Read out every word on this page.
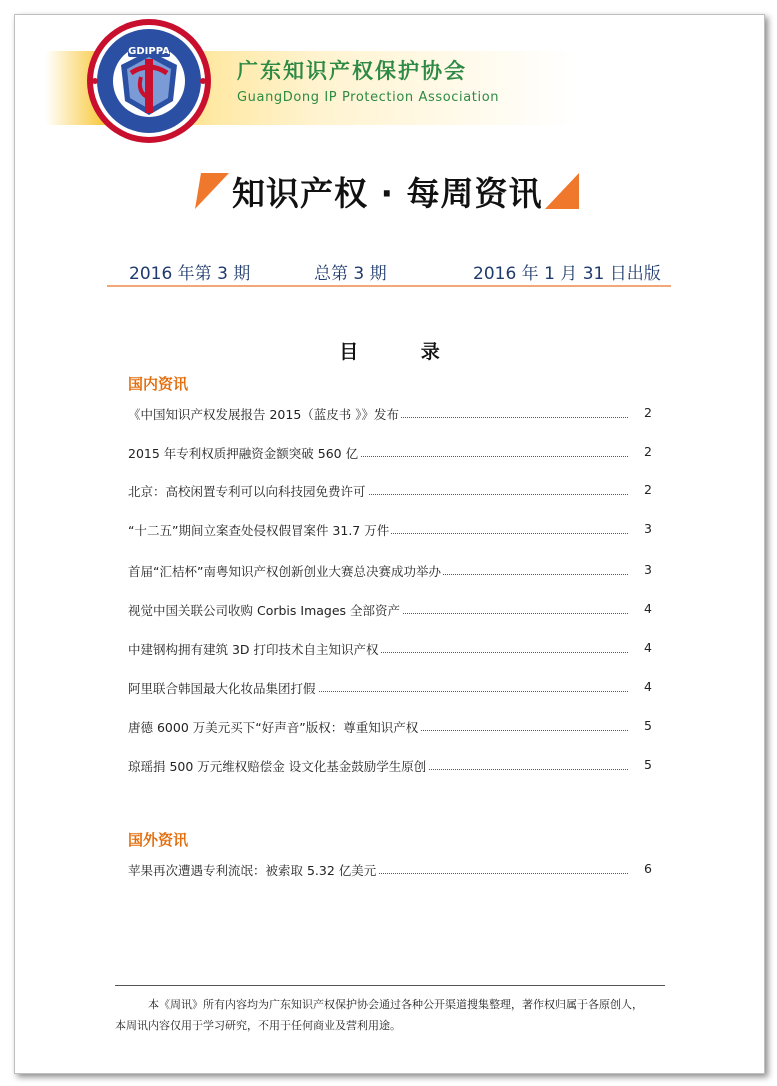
GDIPPA
广东知识产权保护协会
GuangDong IP Protection Association
知识产权 · 每周资讯
2016 年第 3 期	总第 3 期	2016 年 1 月 31 日出版
目 录
国内资讯
《中国知识产权发展报告 2015（蓝皮书 》》发布	2
2015 年专利权质押融资金额突破 560 亿	2
北京：高校闲置专利可以向科技园免费许可	2
“十二五”期间立案查处侵权假冒案件 31.7 万件	3
首届“汇桔杯”南粤知识产权创新创业大赛总决赛成功举办	3
视觉中国关联公司收购 Corbis Images 全部资产	4
中建钢构拥有建筑 3D 打印技术自主知识产权	4
阿里联合韩国最大化妆品集团打假	4
唐德 6000 万美元买下“好声音”版权：尊重知识产权	5
琼瑶捐 500 万元维权赔偿金 设文化基金鼓励学生原创	5
国外资讯
苹果再次遭遇专利流氓：被索取 5.32 亿美元	6
本《周讯》所有内容均为广东知识产权保护协会通过各种公开渠道搜集整理，著作权归属于各原创人，
本周讯内容仅用于学习研究，不用于任何商业及营利用途。
